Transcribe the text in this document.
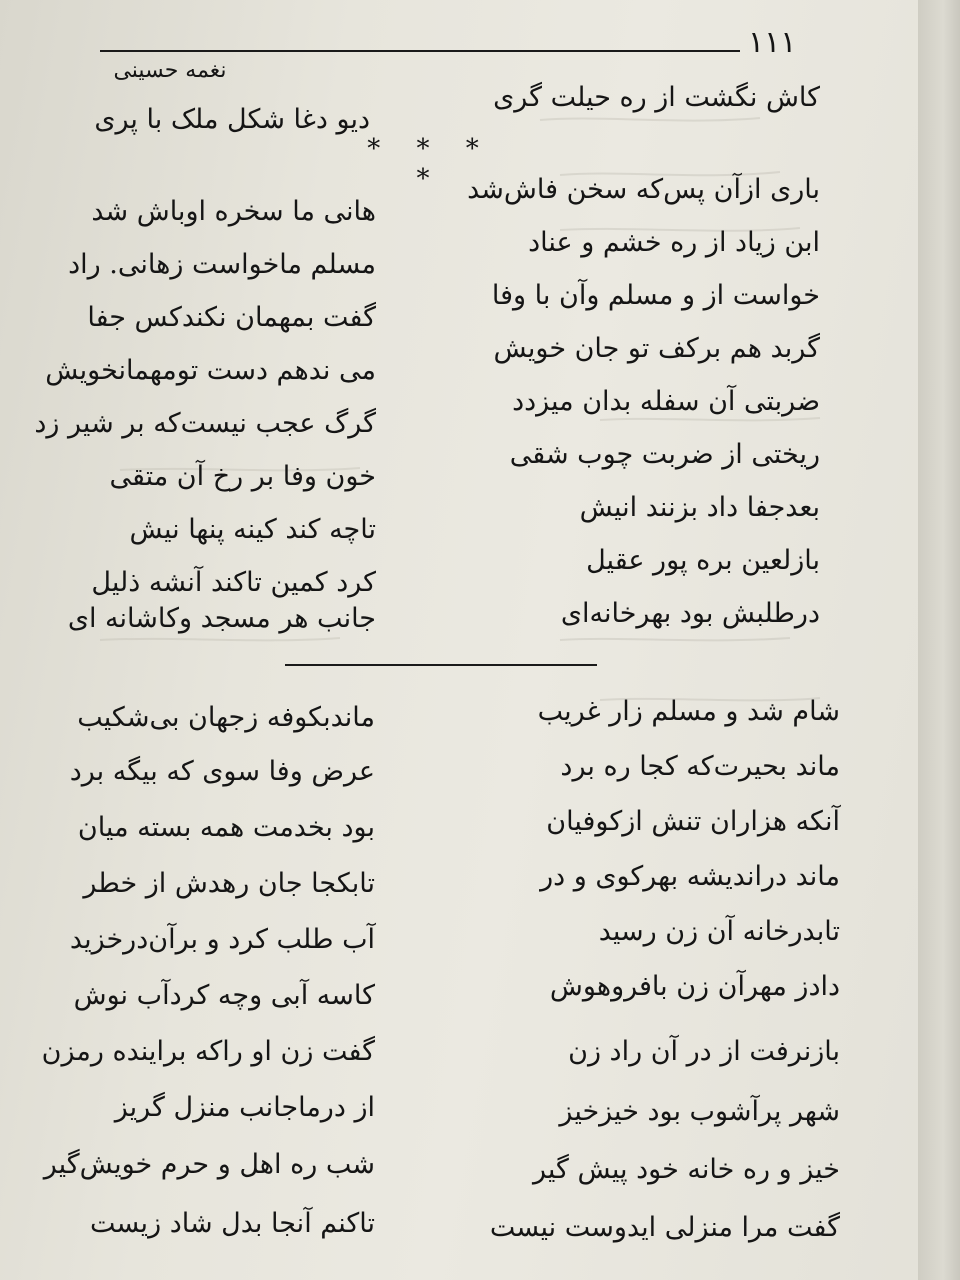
۱۱۱
نغمه حسینی
کاش نگشت از ره حیلت گری
دیو دغا شکل ملک با پری
* * * * باری ازآن پس‌که سخن فاش‌شد
ابن زیاد از ره خشم و عناد
خواست از و مسلم وآن با وفا
گربد هم برکف تو جان خویش
ضربتی آن سفله بدان میزدد
ریختی از ضربت چوب شقی
بعدجفا داد بزنند انیش
بازلعین بره پور عقیل
درطلبش بود بهرخانه‌ای
هانی ما سخره اوباش شد
مسلم ماخواست زهانی. راد
گفت بمهمان نکندکس جفا
می ندهم دست تومهمانخویش
گرگ عجب نیست‌که بر شیر زد
خون وفا بر رخ آن متقی
تاچه کند کینه پنها نیش
کرد کمین تاکند آنشه ذلیل
جانب هر مسجد وکاشانه ای
شام شد و مسلم زار غریب
ماند بحیرت‌که کجا ره برد
آنکه هزاران تنش ازکوفیان
ماند درانديشه بهرکوی و در
تابدرخانه آن زن رسید
دادز مهرآن زن بافروهوش
بازنرفت از در آن راد زن
شهر پرآشوب بود خیزخیز
خیز و ره خانه خود پیش گیر
گفت مرا منزلی ایدوست نیست
ماندبکوفه زجهان بی‌شکیب
عرض وفا سوی که بیگه برد
بود بخدمت همه بسته میان
تابکجا جان رهدش از خطر
آب طلب کرد و برآن‌درخزید
کاسه آبی وچه کردآب نوش
گفت زن او راکه براینده رمزن
از درماجانب منزل گریز
شب ره اهل و حرم خویش‌گیر
تاکنم آنجا بدل شاد زیست
